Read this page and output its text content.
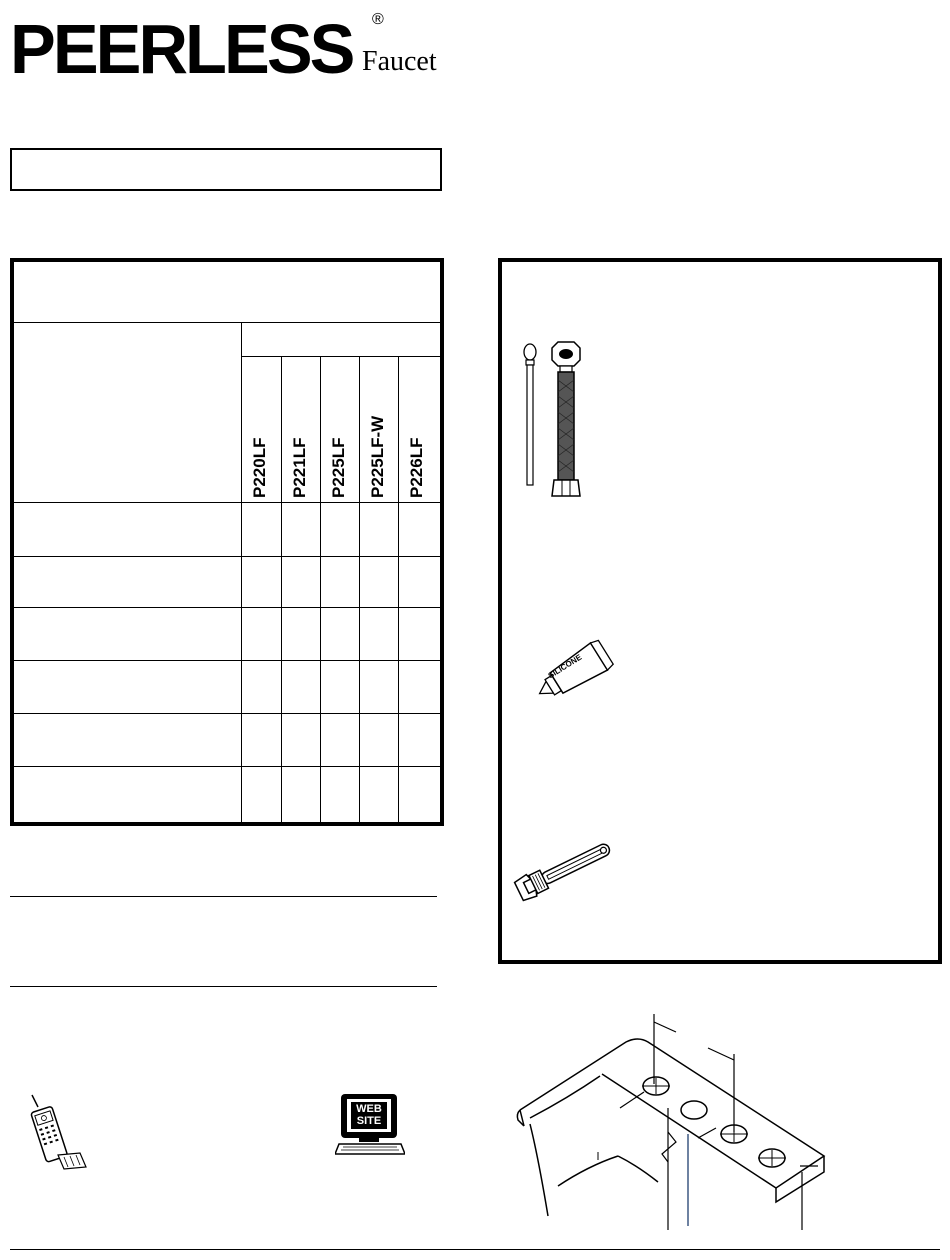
PEERLESS ®
Faucet
P220LF P221LF P225LF P225LF-W P226LF
WEB
SITE
SILICONE
